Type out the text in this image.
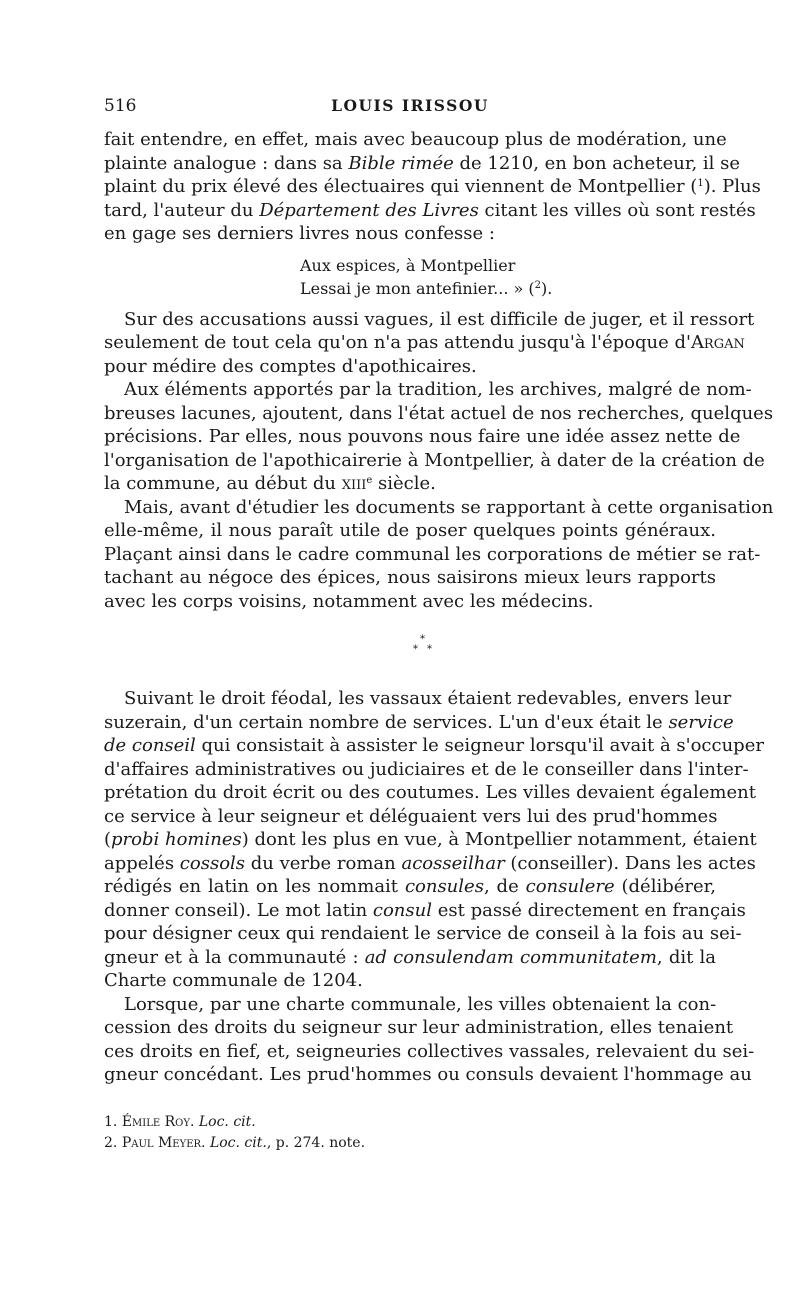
516	LOUIS IRISSOU
fait entendre, en effet, mais avec beaucoup plus de modération, une
plainte analogue : dans sa Bible rimée de 1210, en bon acheteur, il se
plaint du prix élevé des électuaires qui viennent de Montpellier ($^1$). Plus
tard, l'auteur du Département des Livres citant les villes où sont restés
en gage ses derniers livres nous confesse :
Aux espices, à Montpellier
Lessai je mon antefinier... » ($^2$).
Sur des accusations aussi vagues, il est difficile de juger, et il ressort
seulement de tout cela qu'on n'a pas attendu jusqu'à l'époque d'Argan
pour médire des comptes d'apothicaires.
Aux éléments apportés par la tradition, les archives, malgré de nom-
breuses lacunes, ajoutent, dans l'état actuel de nos recherches, quelques
précisions. Par elles, nous pouvons nous faire une idée assez nette de
l'organisation de l'apothicairerie à Montpellier, à dater de la création de
la commune, au début du xiii$^e$ siècle.
Mais, avant d'étudier les documents se rapportant à cette organisation
elle-même, il nous paraît utile de poser quelques points généraux.
Plaçant ainsi dans le cadre communal les corporations de métier se rat-
tachant au négoce des épices, nous saisirons mieux leurs rapports
avec les corps voisins, notamment avec les médecins.
*
* *
Suivant le droit féodal, les vassaux étaient redevables, envers leur
suzerain, d'un certain nombre de services. L'un d'eux était le service
de conseil qui consistait à assister le seigneur lorsqu'il avait à s'occuper
d'affaires administratives ou judiciaires et de le conseiller dans l'inter-
prétation du droit écrit ou des coutumes. Les villes devaient également
ce service à leur seigneur et déléguaient vers lui des prud'hommes
(probi homines) dont les plus en vue, à Montpellier notamment, étaient
appelés cossols du verbe roman acosseilhar (conseiller). Dans les actes
rédigés en latin on les nommait consules, de consulere (délibérer,
donner conseil). Le mot latin consul est passé directement en français
pour désigner ceux qui rendaient le service de conseil à la fois au sei-
gneur et à la communauté : ad consulendam communitatem, dit la
Charte communale de 1204.
Lorsque, par une charte communale, les villes obtenaient la con-
cession des droits du seigneur sur leur administration, elles tenaient
ces droits en fief, et, seigneuries collectives vassales, relevaient du sei-
gneur concédant. Les prud'hommes ou consuls devaient l'hommage au
1. Émile Roy. Loc. cit.
2. Paul Meyer. Loc. cit., p. 274. note.
